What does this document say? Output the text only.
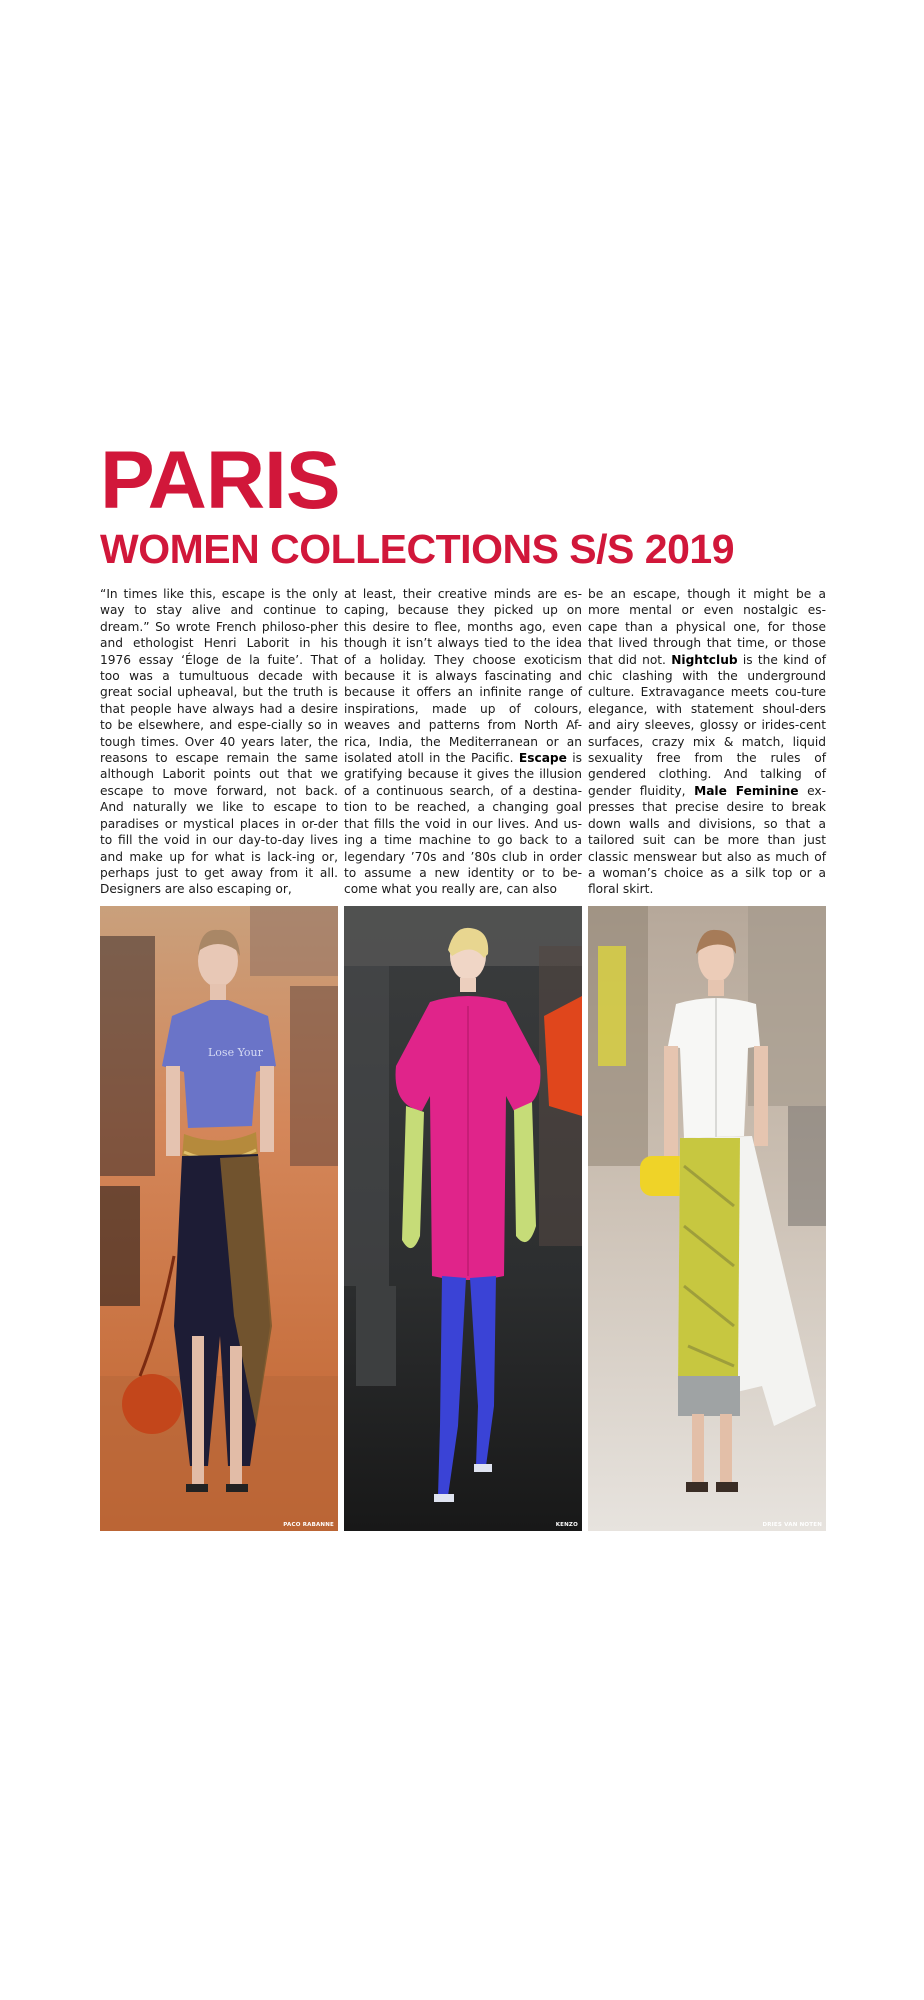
PARIS
WOMEN COLLECTIONS S/S 2019

“In times like this, escape is the only way to stay alive and continue to dream.” So wrote French philoso-pher and ethologist Henri Laborit in his 1976 essay ‘Éloge de la fuite’. That too was a tumultuous decade with great social upheaval, but the truth is that people have always had a desire to be elsewhere, and espe-cially so in tough times. Over 40 years later, the reasons to escape remain the same although Laborit points out that we escape to move forward, not back. And naturally we like to escape to paradises or mystical places in or-der to fill the void in our day-to-day lives and make up for what is lack-ing or, perhaps just to get away from it all. Designers are also escaping or,

at least, their creative minds are es-caping, because they picked up on this desire to flee, months ago, even though it isn’t always tied to the idea of a holiday. They choose exoticism because it is always fascinating and because it offers an infinite range of inspirations, made up of colours, weaves and patterns from North Af-rica, India, the Mediterranean or an isolated atoll in the Pacific. Escape is gratifying because it gives the illusion of a continuous search, of a destina-tion to be reached, a changing goal that fills the void in our lives. And us-ing a time machine to go back to a legendary ’70s and ’80s club in order to assume a new identity or to be-come what you really are, can also

be an escape, though it might be a more mental or even nostalgic es-cape than a physical one, for those that lived through that time, or those that did not. Nightclub is the kind of chic clashing with the underground culture. Extravagance meets cou-ture elegance, with statement shoul-ders and airy sleeves, glossy or irides-cent surfaces, crazy mix & match, liquid sexuality free from the rules of gendered clothing. And talking of gender fluidity, Male Feminine ex-presses that precise desire to break down walls and divisions, so that a tailored suit can be more than just classic menswear but also as much of a woman’s choice as a silk top or a floral skirt.

Lose Your
PACO RABANNE	KENZO	DRIES VAN NOTEN
